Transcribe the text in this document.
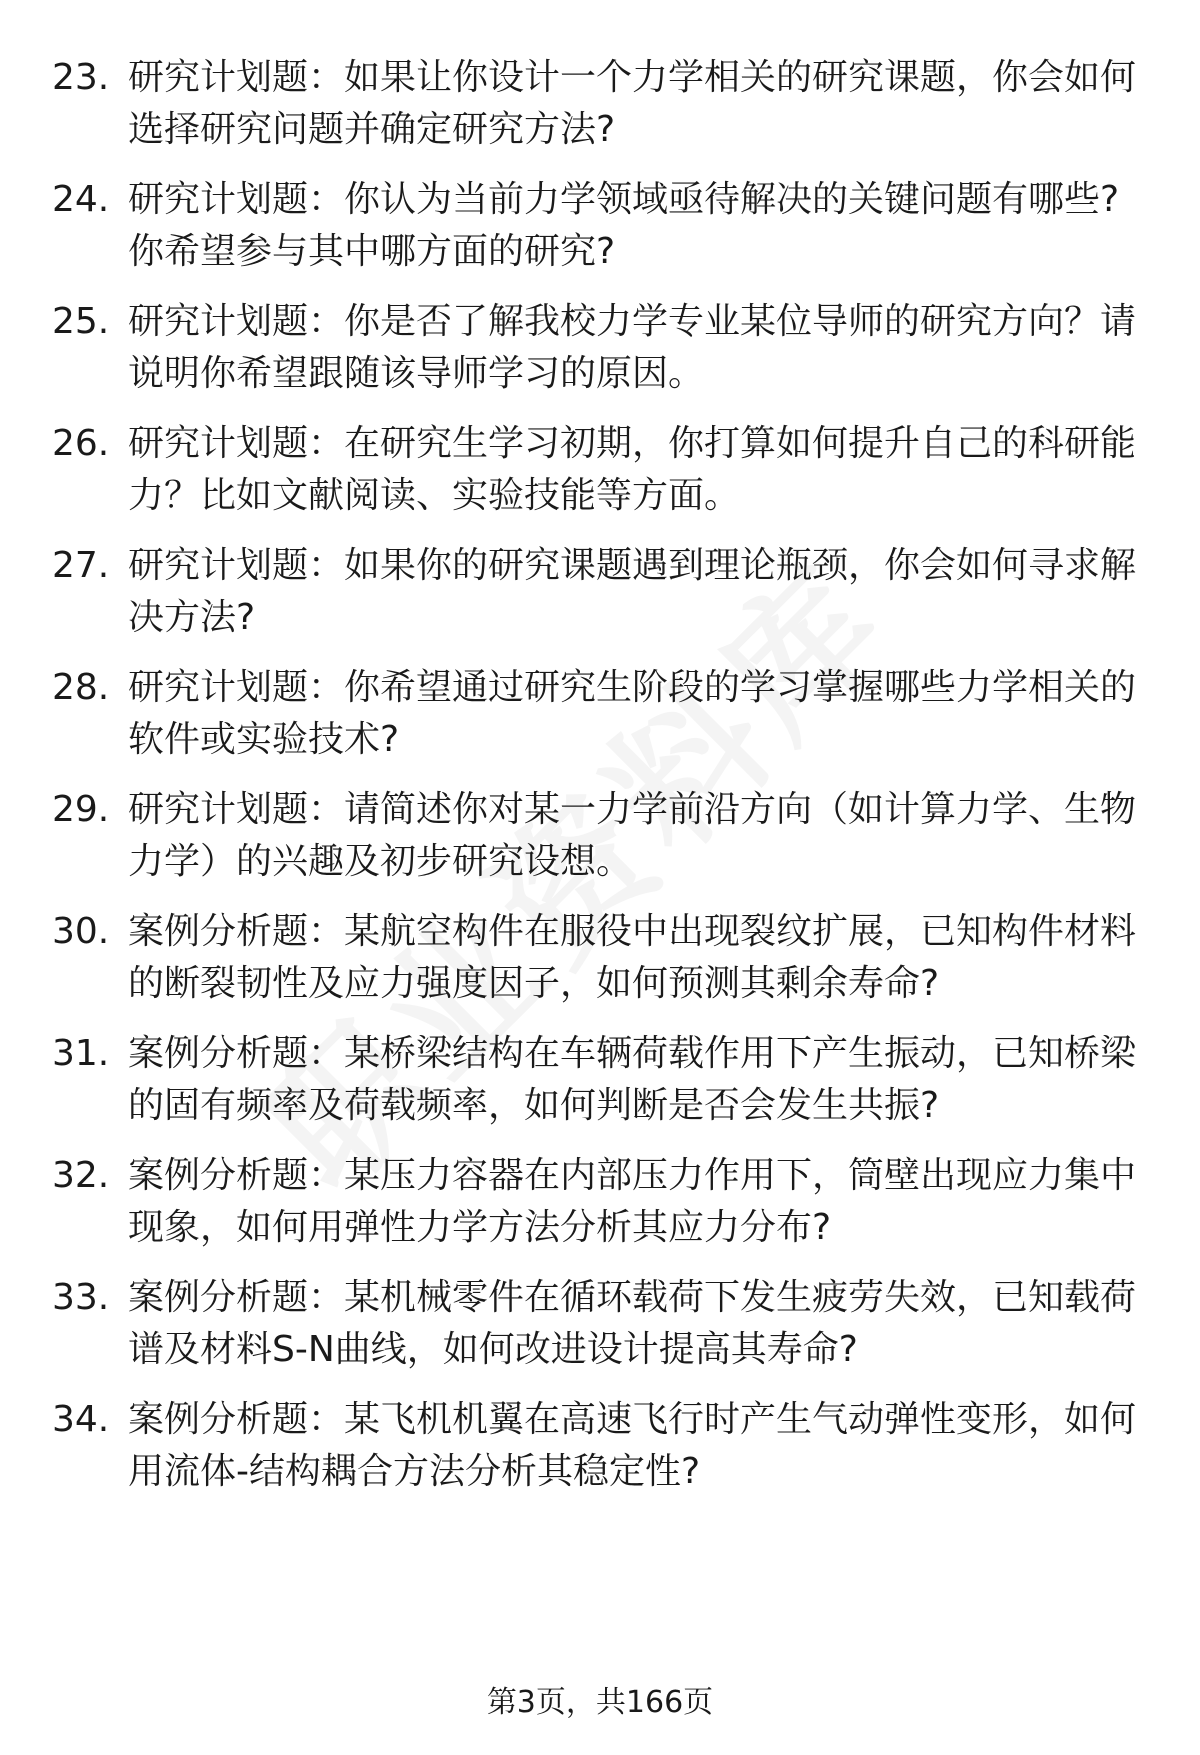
23. 研究计划题：如果让你设计一个力学相关的研究课题，你会如何选择研究问题并确定研究方法?
24. 研究计划题：你认为当前力学领域亟待解决的关键问题有哪些?你希望参与其中哪方面的研究?
25. 研究计划题：你是否了解我校力学专业某位导师的研究方向？请说明你希望跟随该导师学习的原因。
26. 研究计划题：在研究生学习初期，你打算如何提升自己的科研能力？比如文献阅读、实验技能等方面。
27. 研究计划题：如果你的研究课题遇到理论瓶颈，你会如何寻求解决方法?
28. 研究计划题：你希望通过研究生阶段的学习掌握哪些力学相关的软件或实验技术?
29. 研究计划题：请简述你对某一力学前沿方向（如计算力学、生物力学）的兴趣及初步研究设想。
30. 案例分析题：某航空构件在服役中出现裂纹扩展，已知构件材料的断裂韧性及应力强度因子，如何预测其剩余寿命?
31. 案例分析题：某桥梁结构在车辆荷载作用下产生振动，已知桥梁的固有频率及荷载频率，如何判断是否会发生共振?
32. 案例分析题：某压力容器在内部压力作用下，筒壁出现应力集中现象，如何用弹性力学方法分析其应力分布?
33. 案例分析题：某机械零件在循环载荷下发生疲劳失效，已知载荷谱及材料S-N曲线，如何改进设计提高其寿命?
34. 案例分析题：某飞机机翼在高速飞行时产生气动弹性变形，如何用流体-结构耦合方法分析其稳定性?
第3页，共166页
